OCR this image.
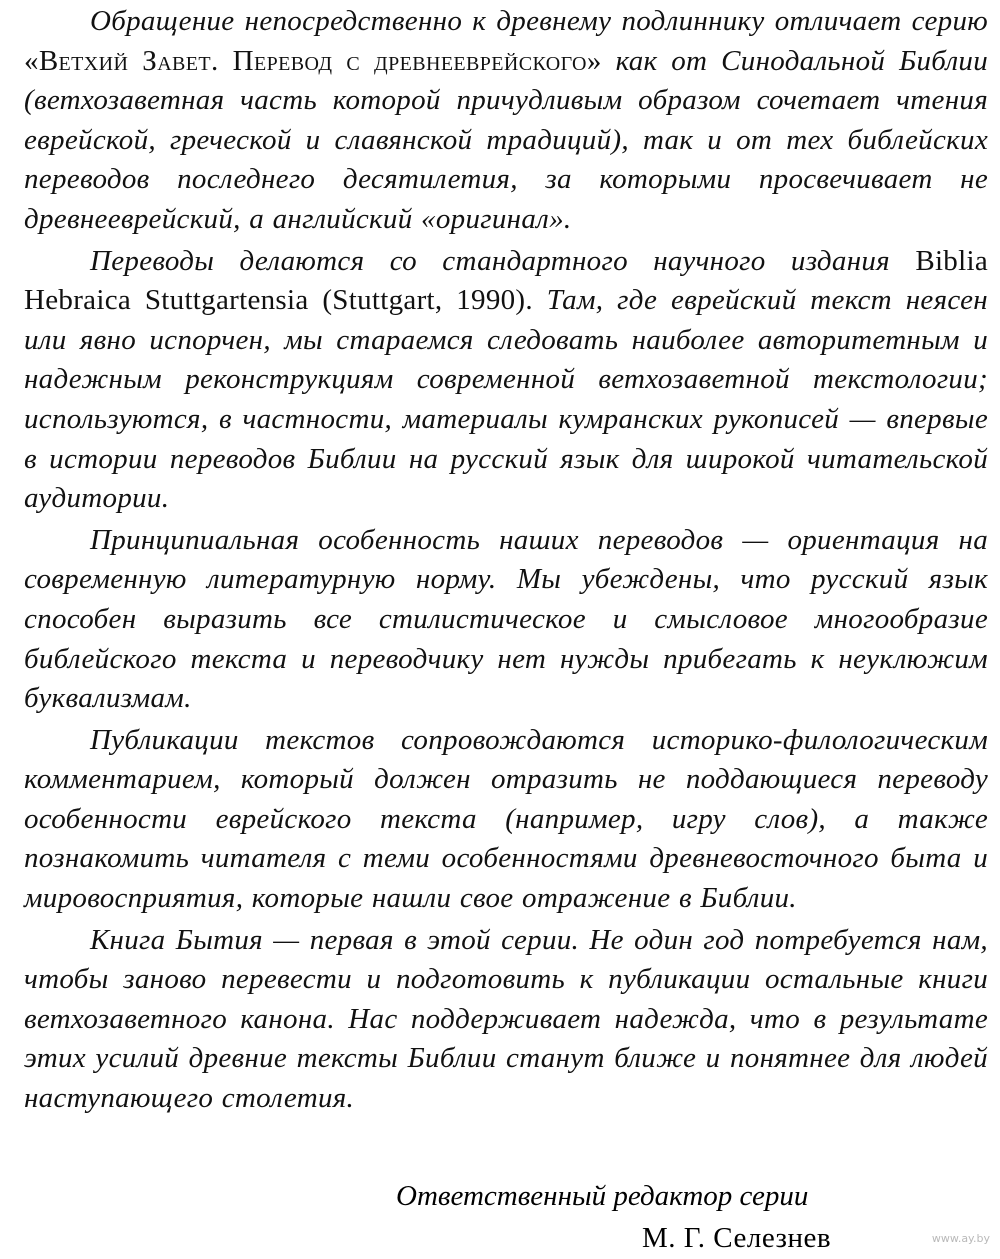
Обращение непосредственно к древнему подлиннику отличает серию «Ветхий Завет. Перевод с древнееврейского» как от Синодальной Библии (ветхозаветная часть которой причудливым образом сочетает чтения еврейской, греческой и славянской традиций), так и от тех библейских переводов последнего десятилетия, за которыми просвечивает не древнееврейский, а английский «оригинал».

Переводы делаются со стандартного научного издания Biblia Hebraica Stuttgartensia (Stuttgart, 1990). Там, где еврейский текст неясен или явно испорчен, мы стараемся следовать наиболее авторитетным и надежным реконструкциям современной ветхозаветной текстологии; используются, в частности, материалы кумранских рукописей — впервые в истории переводов Библии на русский язык для широкой читательской аудитории.

Принципиальная особенность наших переводов — ориентация на современную литературную норму. Мы убеждены, что русский язык способен выразить все стилистическое и смысловое многообразие библейского текста и переводчику нет нужды прибегать к неуклюжим буквализмам.

Публикации текстов сопровождаются историко-филологическим комментарием, который должен отразить не поддающиеся переводу особенности еврейского текста (например, игру слов), а также познакомить читателя с теми особенностями древневосточного быта и мировосприятия, которые нашли свое отражение в Библии.

Книга Бытия — первая в этой серии. Не один год потребуется нам, чтобы заново перевести и подготовить к публикации остальные книги ветхозаветного канона. Нас поддерживает надежда, что в результате этих усилий древние тексты Библии станут ближе и понятнее для людей наступающего столетия.

Ответственный редактор серии
М. Г. Селезнев	www.ay.by
